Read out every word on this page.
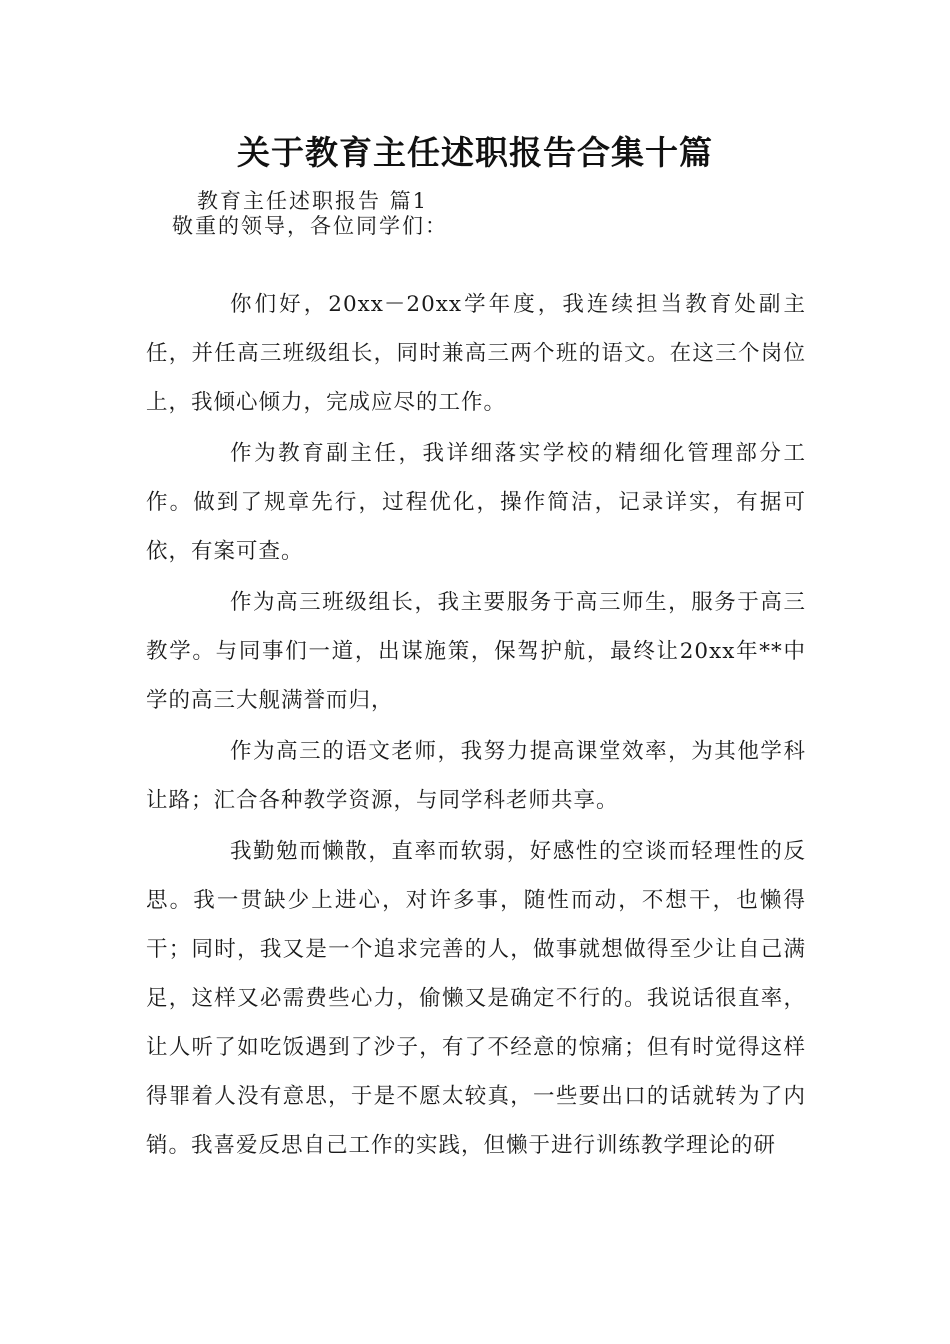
关于教育主任述职报告合集十篇
教育主任述职报告 篇1
敬重的领导，各位同学们：

你们好，20xx－20xx学年度，我连续担当教育处副主任，并任高三班级组长，同时兼高三两个班的语文。在这三个岗位上，我倾心倾力，完成应尽的工作。

作为教育副主任，我详细落实学校的精细化管理部分工作。做到了规章先行，过程优化，操作简洁，记录详实，有据可依，有案可查。

作为高三班级组长，我主要服务于高三师生，服务于高三教学。与同事们一道，出谋施策，保驾护航，最终让20xx年**中学的高三大舰满誉而归，

作为高三的语文老师，我努力提高课堂效率，为其他学科让路；汇合各种教学资源，与同学科老师共享。

我勤勉而懒散，直率而软弱，好感性的空谈而轻理性的反思。我一贯缺少上进心，对许多事，随性而动，不想干，也懒得干；同时，我又是一个追求完善的人，做事就想做得至少让自己满足，这样又必需费些心力，偷懒又是确定不行的。我说话很直率，让人听了如吃饭遇到了沙子，有了不经意的惊痛；但有时觉得这样得罪着人没有意思，于是不愿太较真，一些要出口的话就转为了内销。我喜爱反思自己工作的实践，但懒于进行训练教学理论的研
